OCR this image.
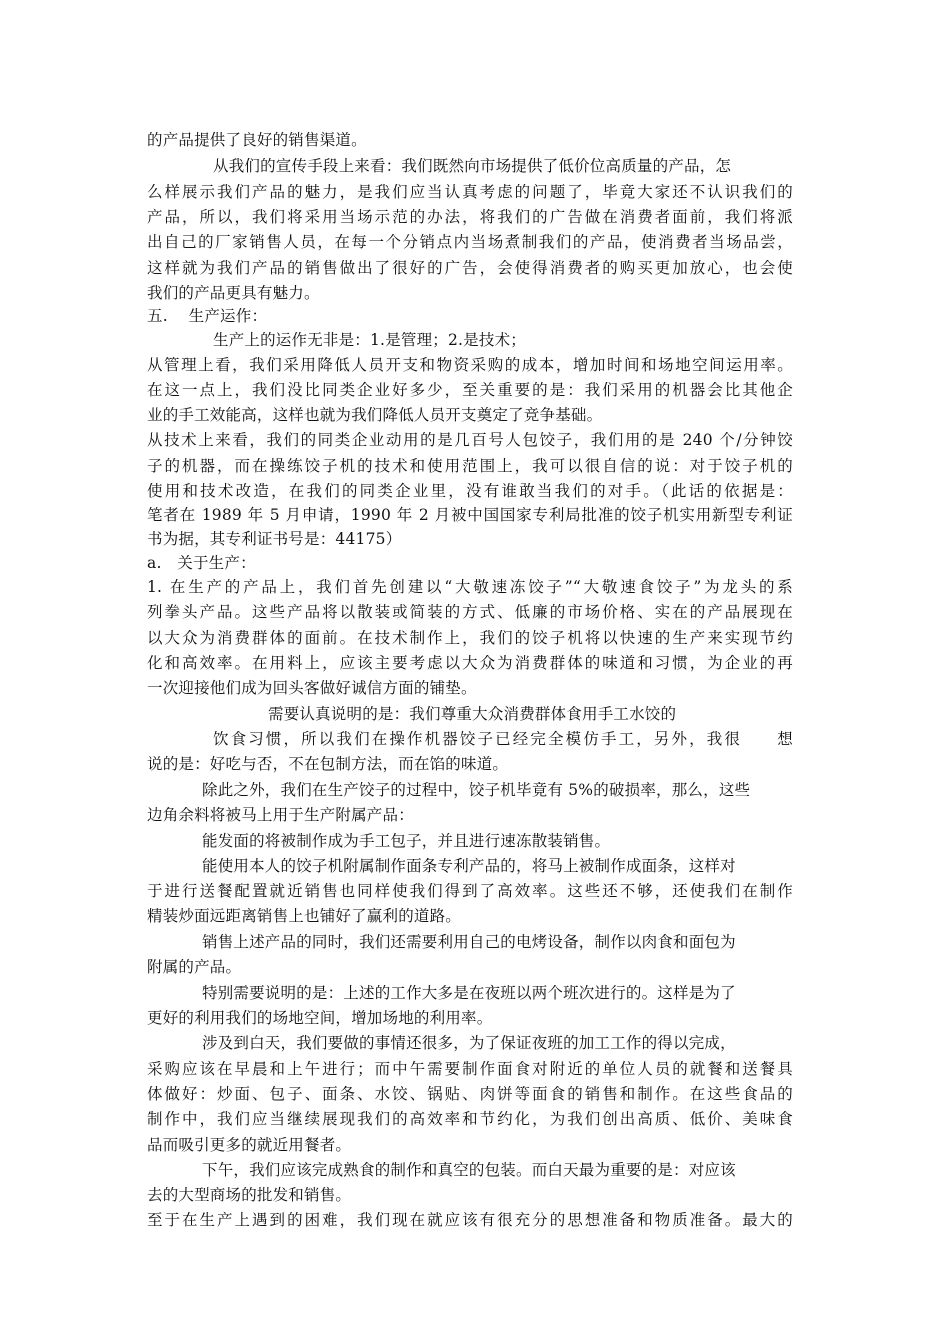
的产品提供了良好的销售渠道。
从我们的宣传手段上来看：我们既然向市场提供了低价位高质量的产品，怎
么样展示我们产品的魅力，是我们应当认真考虑的问题了，毕竟大家还不认识我们的
产品，所以，我们将采用当场示范的办法，将我们的广告做在消费者面前，我们将派
出自己的厂家销售人员，在每一个分销点内当场煮制我们的产品，使消费者当场品尝，
这样就为我们产品的销售做出了很好的广告，会使得消费者的购买更加放心，也会使
我们的产品更具有魅力。
五.　 生产运作：
生产上的运作无非是：1.是管理；2.是技术；
从管理上看，我们采用降低人员开支和物资采购的成本，增加时间和场地空间运用率。
在这一点上，我们没比同类企业好多少，至关重要的是：我们采用的机器会比其他企
业的手工效能高，这样也就为我们降低人员开支奠定了竞争基础。
从技术上来看，我们的同类企业动用的是几百号人包饺子，我们用的是 240 个/分钟饺
子的机器，而在操练饺子机的技术和使用范围上，我可以很自信的说：对于饺子机的
使用和技术改造，在我们的同类企业里，没有谁敢当我们的对手。（此话的依据是：
笔者在 1989 年 5 月申请，1990 年 2 月被中国国家专利局批准的饺子机实用新型专利证
书为据，其专利证书号是：44175）
a.　关于生产：
1. 在生产的产品上，我们首先创建以“大敬速冻饺子”“大敬速食饺子”为龙头的系
列拳头产品。这些产品将以散装或简装的方式、低廉的市场价格、实在的产品展现在
以大众为消费群体的面前。在技术制作上，我们的饺子机将以快速的生产来实现节约
化和高效率。在用料上，应该主要考虑以大众为消费群体的味道和习惯，为企业的再
一次迎接他们成为回头客做好诚信方面的铺垫。
需要认真说明的是：我们尊重大众消费群体食用手工水饺的
饮食习惯，所以我们在操作机器饺子已经完全模仿手工，另外，我很　　想
说的是：好吃与否，不在包制方法，而在馅的味道。
除此之外，我们在生产饺子的过程中，饺子机毕竟有 5%的破损率，那么，这些
边角余料将被马上用于生产附属产品：
能发面的将被制作成为手工包子，并且进行速冻散装销售。
能使用本人的饺子机附属制作面条专利产品的，将马上被制作成面条，这样对
于进行送餐配置就近销售也同样使我们得到了高效率。这些还不够，还使我们在制作
精装炒面远距离销售上也铺好了赢利的道路。
销售上述产品的同时，我们还需要利用自己的电烤设备，制作以肉食和面包为
附属的产品。
特别需要说明的是：上述的工作大多是在夜班以两个班次进行的。这样是为了
更好的利用我们的场地空间，增加场地的利用率。
涉及到白天，我们要做的事情还很多，为了保证夜班的加工工作的得以完成，
采购应该在早晨和上午进行；而中午需要制作面食对附近的单位人员的就餐和送餐具
体做好：炒面、包子、面条、水饺、锅贴、肉饼等面食的销售和制作。在这些食品的
制作中，我们应当继续展现我们的高效率和节约化，为我们创出高质、低价、美味食
品而吸引更多的就近用餐者。
下午，我们应该完成熟食的制作和真空的包装。而白天最为重要的是：对应该
去的大型商场的批发和销售。
至于在生产上遇到的困难，我们现在就应该有很充分的思想准备和物质准备。最大的
